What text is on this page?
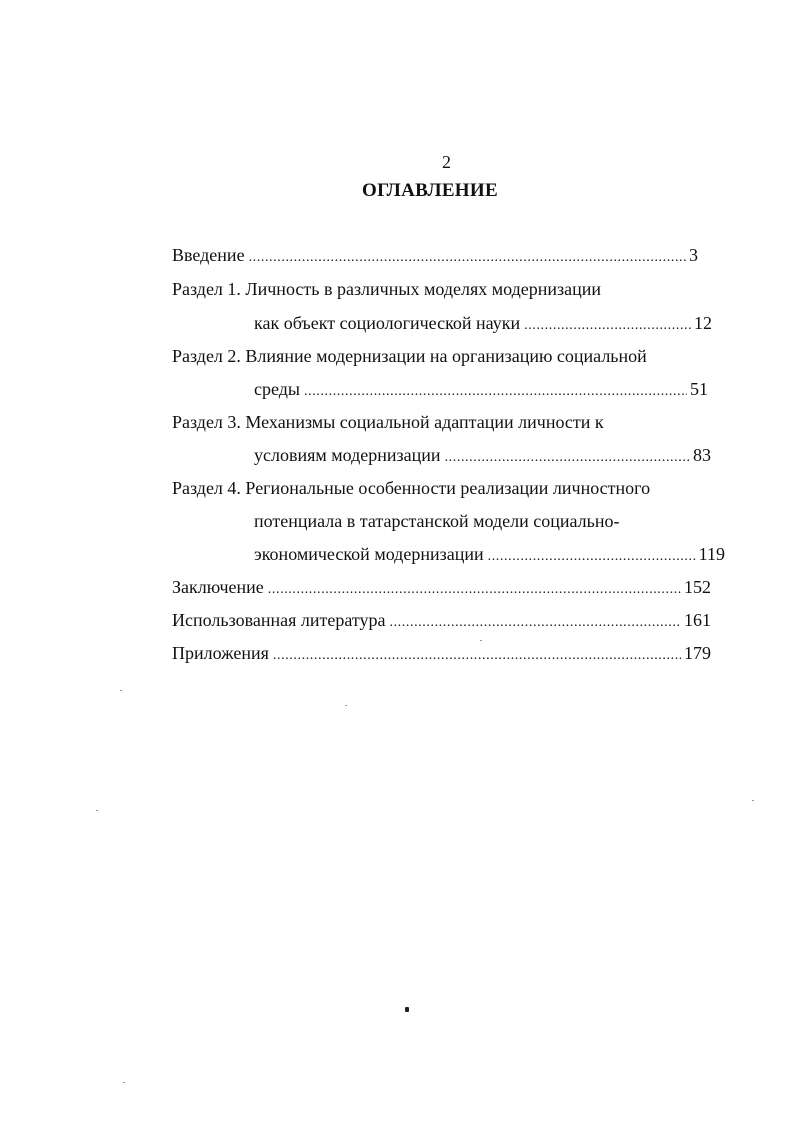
2
ОГЛАВЛЕНИЕ
Введение .....	3
Раздел 1. Личность в различных моделях модернизации
как объект социологической науки .....	12
Раздел 2. Влияние модернизации на организацию социальной
среды .....	51
Раздел 3. Механизмы социальной адаптации личности к
условиям модернизации .....	83
Раздел 4. Региональные особенности реализации личностного
потенциала в татарстанской модели социально-
экономической модернизации .....	119
Заключение .....	152
Использованная литература .....	161
Приложения .....	179
